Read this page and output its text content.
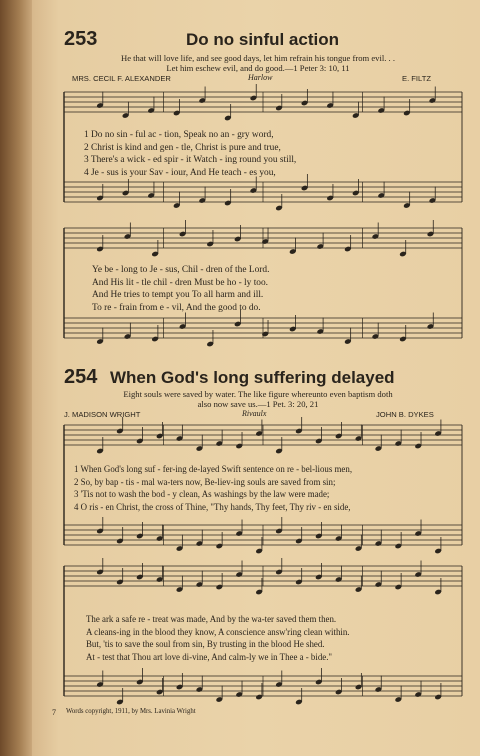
253	Do no sinful action
He that will love life, and see good days, let him refrain his tongue from evil. . .
Let him eschew evil, and do good.—1 Peter 3: 10, 11
MRS. CECIL F. ALEXANDER	Harlow	E. FILTZ
1 Do no sin - ful ac - tion, Speak no an - gry word,
2 Christ is kind and gen - tle, Christ is pure and true,
3 There's a wick - ed spir - it Watch - ing round you still,
4 Je - sus is your Sav - iour, And He teach - es you,
Ye be - long to Je - sus, Chil - dren of the Lord.
And His lit - tle chil - dren Must be ho - ly too.
And He tries to tempt you To all harm and ill.
To re - frain from e - vil, And the good to do.
254 When God's long suffering delayed
Eight souls were saved by water. The like figure whereunto even baptism doth
also now save us.—1 Pet. 3: 20, 21
J. MADISON WRIGHT	Rivaulx	JOHN B. DYKES
1 When God's long suf - fer-ing de-layed Swift sentence on re - bel-lious men,
2 So, by bap - tis - mal wa-ters now, Be-liev-ing souls are saved from sin;
3 'Tis not to wash the bod - y clean, As washings by the law were made;
4 O ris - en Christ, the cross of Thine, "Thy hands, Thy feet, Thy riv - en side,
The ark a safe re - treat was made, And by the wa-ter saved them then.
A cleans-ing in the blood they know, A conscience answ'ring clean within.
But, 'tis to save the soul from sin, By trusting in the blood He shed.
At - test that Thou art love di-vine, And calm-ly we in Thee a - bide."
7 Words copyright, 1911, by Mrs. Lavinia Wright
